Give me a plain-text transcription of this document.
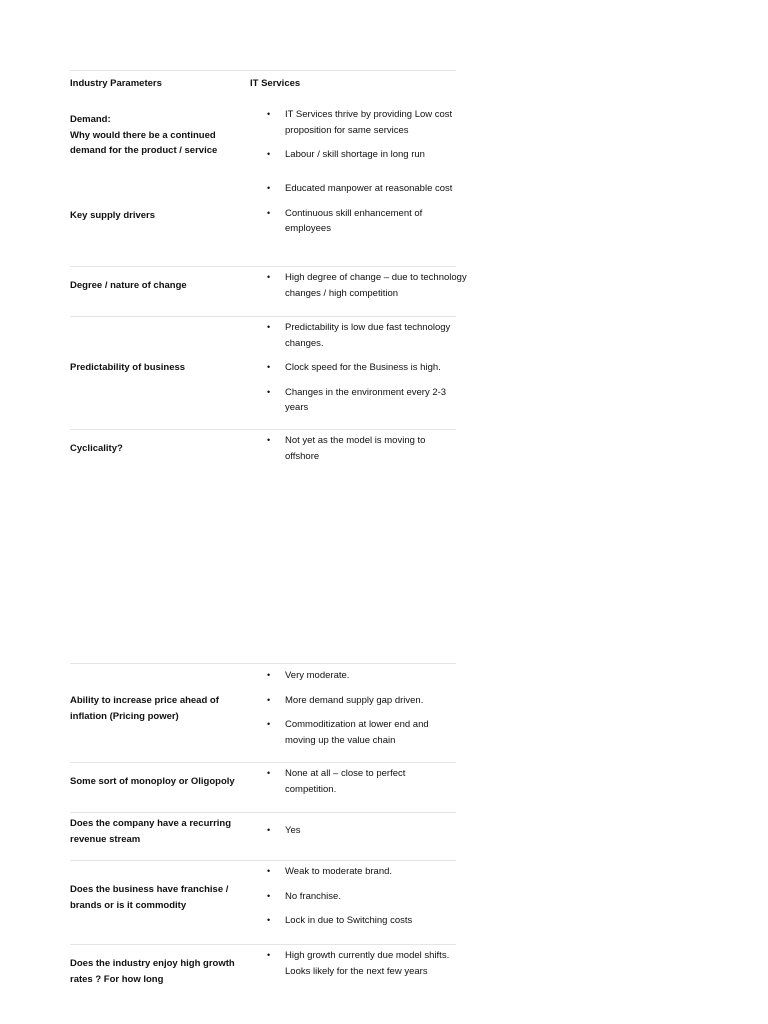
Industry Parameters	IT Services
Demand:
Why would there be a continued
demand for the product / service
• IT Services thrive by providing Low cost proposition for same services
• Labour / skill shortage in long run
Key supply drivers
• Educated manpower at reasonable cost
• Continuous skill enhancement of employees
Degree / nature of change
• High degree of change – due to technology changes / high competition
Predictability of business
• Predictability is low due fast technology changes.
• Clock speed for the Business is high.
• Changes in the environment every 2-3 years
Cyclicality?
• Not yet as the model is moving to offshore
Ability to increase price ahead of
inflation (Pricing power)
• Very moderate.
• More demand supply gap driven.
• Commoditization at lower end and moving up the value chain
Some sort of monoploy or Oligopoly
• None at all – close to perfect competition.
Does the company have a recurring
revenue stream
• Yes
Does the business have franchise /
brands or is it commodity
• Weak to moderate brand.
• No franchise.
• Lock in due to Switching costs
Does the industry enjoy high growth
rates ? For how long
• High growth currently due model shifts. Looks likely for the next few years
